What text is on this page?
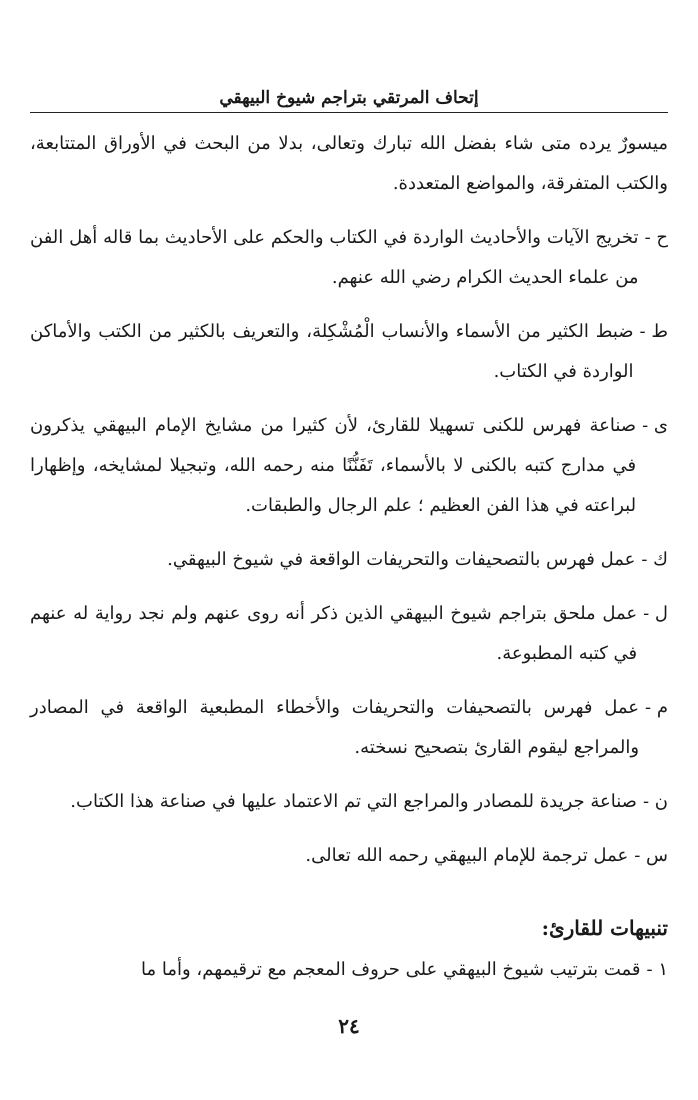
إتحاف المرتقي بتراجم شيوخ البيهقي

ميسورٌ يرده متى شاء بفضل الله تبارك وتعالى، بدلا من البحث في الأوراق المتتابعة، والكتب المتفرقة، والمواضع المتعددة.

ح -
تخريج الآيات والأحاديث الواردة في الكتاب والحكم على الأحاديث بما قاله أهل الفن من علماء الحديث الكرام رضي الله عنهم.
ط -
ضبط الكثير من الأسماء والأنساب الْمُشْكِلة، والتعريف بالكثير من الكتب والأماكن الواردة في الكتاب.
ى -
صناعة فهرس للكنى تسهيلا للقارئ، لأن كثيرا من مشايخ الإمام البيهقي يذكرون في مدارج كتبه بالكنى لا بالأسماء، تَفَنُّنًا منه رحمه الله، وتبجيلا لمشايخه، وإظهارا لبراعته في هذا الفن العظيم ؛ علم الرجال والطبقات.
ك -
عمل فهرس بالتصحيفات والتحريفات الواقعة في شيوخ البيهقي.
ل -
عمل ملحق بتراجم شيوخ البيهقي الذين ذكر أنه روى عنهم ولم نجد رواية له عنهم في كتبه المطبوعة.
م -
عمل فهرس بالتصحيفات والتحريفات والأخطاء المطبعية الواقعة في المصادر والمراجع ليقوم القارئ بتصحيح نسخته.
ن -
صناعة جريدة للمصادر والمراجع التي تم الاعتماد عليها في صناعة هذا الكتاب.
س -
عمل ترجمة للإمام البيهقي رحمه الله تعالى.
تنبيهات للقارئ:
١ -
قمت بترتيب شيوخ البيهقي على حروف المعجم مع ترقيمهم، وأما ما
٢٤
